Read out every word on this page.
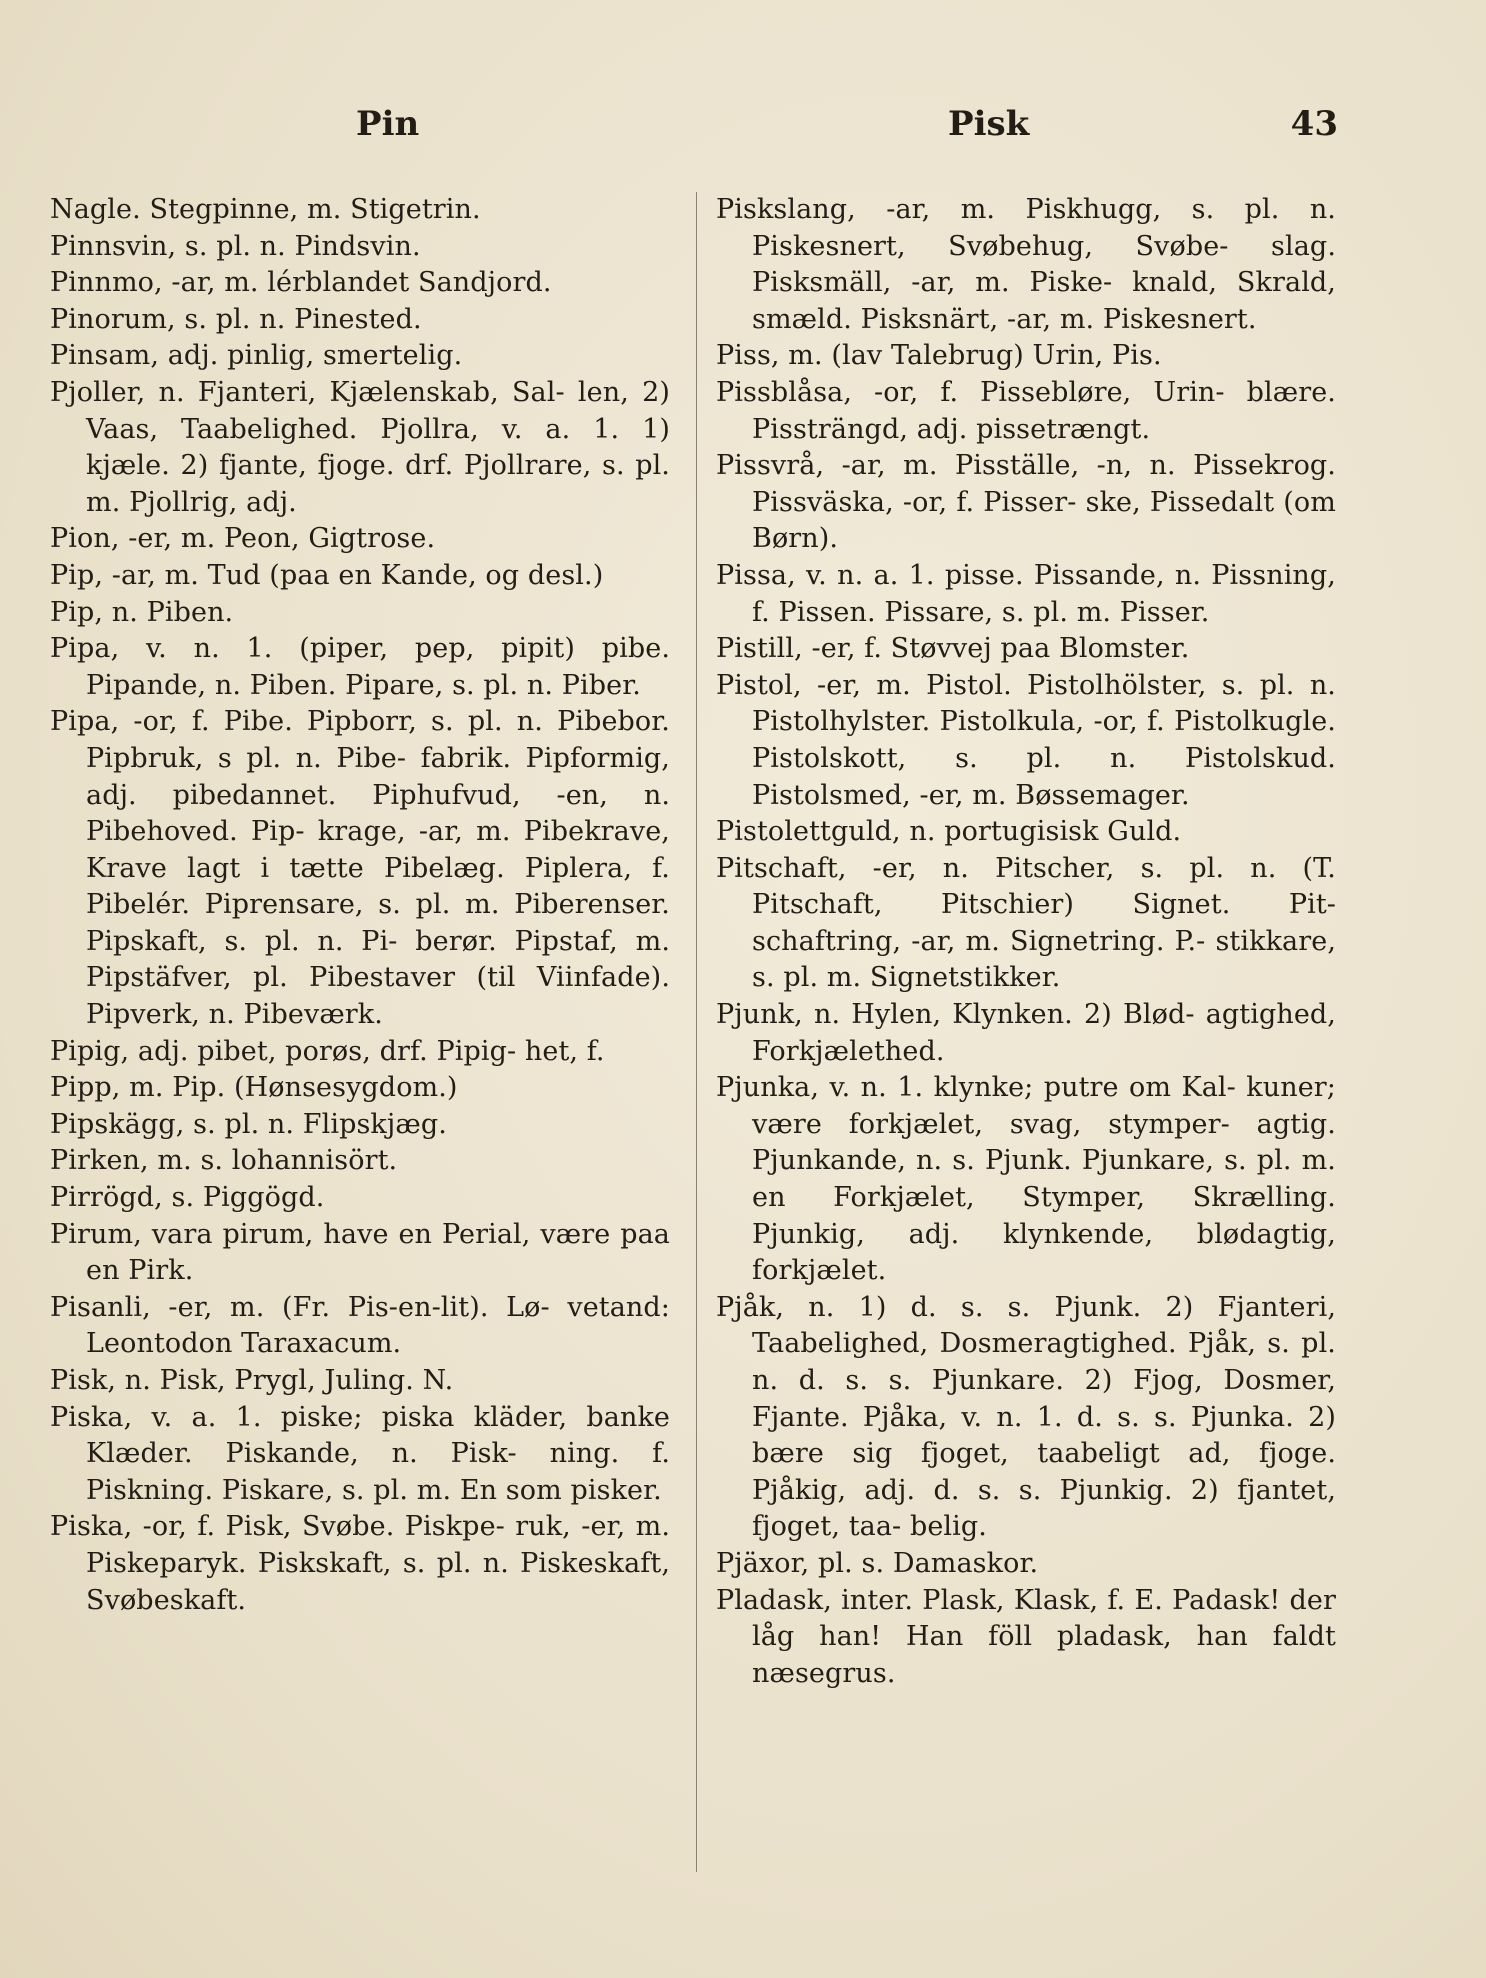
Pin	Pisk	43

Nagle. Stegpinne, m. Stigetrin.

Pinnsvin, s. pl. n. Pindsvin.

Pinnmo, -ar, m. lérblandet Sandjord.

Pinorum, s. pl. n. Pinested.

Pinsam, adj. pinlig, smertelig.

Pjoller, n. Fjanteri, Kjælenskab, Sal- len, 2) Vaas, Taabelighed. Pjollra, v. a. 1. 1) kjæle. 2) fjante, fjoge. drf. Pjollrare, s. pl. m. Pjollrig, adj.

Pion, -er, m. Peon, Gigtrose.

Pip, -ar, m. Tud (paa en Kande, og desl.)

Pip, n. Piben.

Pipa, v. n. 1. (piper, pep, pipit) pibe. Pipande, n. Piben. Pipare, s. pl. n. Piber.

Pipa, -or, f. Pibe. Pipborr, s. pl. n. Pibebor. Pipbruk, s pl. n. Pibe- fabrik. Pipformig, adj. pibedannet. Piphufvud, -en, n. Pibehoved. Pip- krage, -ar, m. Pibekrave, Krave lagt i tætte Pibelæg. Piplera, f. Pibelér. Piprensare, s. pl. m. Piberenser. Pipskaft, s. pl. n. Pi- berør. Pipstaf, m. Pipstäfver, pl. Pibestaver (til Viinfade). Pipverk, n. Pibeværk.

Pipig, adj. pibet, porøs, drf. Pipig- het, f.

Pipp, m. Pip. (Hønsesygdom.)

Pipskägg, s. pl. n. Flipskjæg.

Pirken, m. s. lohannisört.

Pirrögd, s. Piggögd.

Pirum, vara pirum, have en Perial, være paa en Pirk.

Pisanli, -er, m. (Fr. Pis-en-lit). Lø- vetand: Leontodon Taraxacum.

Pisk, n. Pisk, Prygl, Juling. N.

Piska, v. a. 1. piske; piska kläder, banke Klæder. Piskande, n. Pisk- ning. f. Piskning. Piskare, s. pl. m. En som pisker.

Piska, -or, f. Pisk, Svøbe. Piskpe- ruk, -er, m. Piskeparyk. Piskskaft, s. pl. n. Piskeskaft, Svøbeskaft.

Piskslang, -ar, m. Piskhugg, s. pl. n. Piskesnert, Svøbehug, Svøbe- slag. Pisksmäll, -ar, m. Piske- knald, Skrald, smæld. Pisksnärt, -ar, m. Piskesnert.

Piss, m. (lav Talebrug) Urin, Pis.

Pissblåsa, -or, f. Pissebløre, Urin- blære. Pissträngd, adj. pissetrængt.

Pissvrå, -ar, m. Pisställe, -n, n. Pissekrog. Pissväska, -or, f. Pisser- ske, Pissedalt (om Børn).

Pissa, v. n. a. 1. pisse. Pissande, n. Pissning, f. Pissen. Pissare, s. pl. m. Pisser.

Pistill, -er, f. Støvvej paa Blomster.

Pistol, -er, m. Pistol. Pistolhölster, s. pl. n. Pistolhylster. Pistolkula, -or, f. Pistolkugle. Pistolskott, s. pl. n. Pistolskud. Pistolsmed, -er, m. Bøssemager.

Pistolettguld, n. portugisisk Guld.

Pitschaft, -er, n. Pitscher, s. pl. n. (T. Pitschaft, Pitschier) Signet. Pit- schaftring, -ar, m. Signetring. P.- stikkare, s. pl. m. Signetstikker.

Pjunk, n. Hylen, Klynken. 2) Blød- agtighed, Forkjælethed.

Pjunka, v. n. 1. klynke; putre om Kal- kuner; være forkjælet, svag, stymper- agtig. Pjunkande, n. s. Pjunk. Pjunkare, s. pl. m. en Forkjælet, Stymper, Skrælling. Pjunkig, adj. klynkende, blødagtig, forkjælet.

Pjåk, n. 1) d. s. s. Pjunk. 2) Fjanteri, Taabelighed, Dosmeragtighed. Pjåk, s. pl. n. d. s. s. Pjunkare. 2) Fjog, Dosmer, Fjante. Pjåka, v. n. 1. d. s. s. Pjunka. 2) bære sig fjoget, taabeligt ad, fjoge. Pjåkig, adj. d. s. s. Pjunkig. 2) fjantet, fjoget, taa- belig.

Pjäxor, pl. s. Damaskor.

Pladask, inter. Plask, Klask, f. E. Padask! der låg han! Han föll pladask, han faldt næsegrus.
